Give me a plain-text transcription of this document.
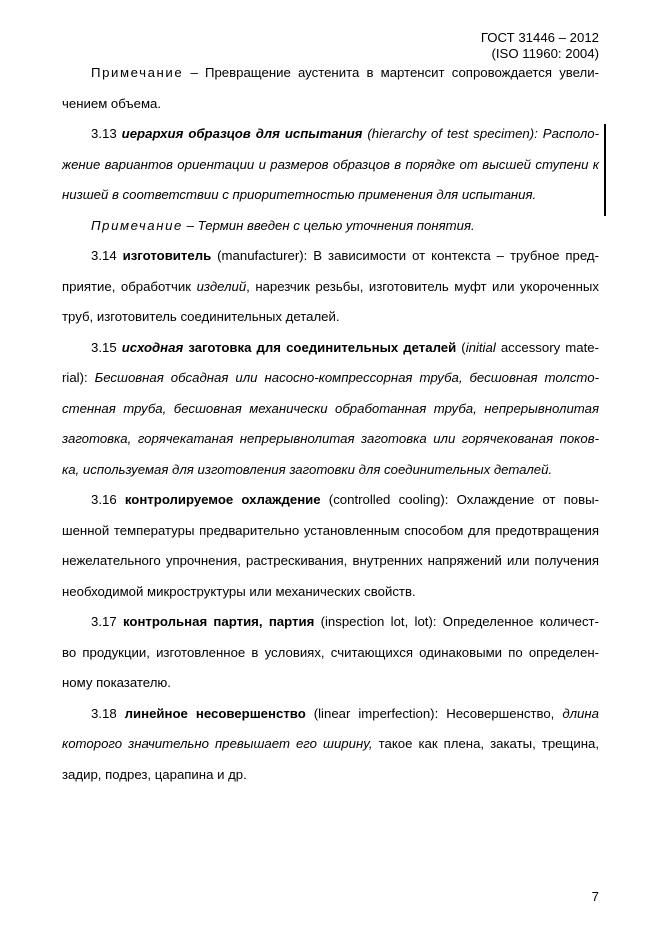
ГОСТ 31446 – 2012
(ISO 11960: 2004)
Примечание – Превращение аустенита в мартенсит сопровождается увели-
чением объема.
3.13 иерархия образцов для испытания (hierarchy of test specimen): Располо-
жение вариантов ориентации и размеров образцов в порядке от высшей ступени к
низшей в соответствии с приоритетностью применения для испытания.
Примечание – Термин введен с целью уточнения понятия.
3.14 изготовитель (manufacturer): В зависимости от контекста – трубное пред-
приятие, обработчик изделий, нарезчик резьбы, изготовитель муфт или укороченных
труб, изготовитель соединительных деталей.
3.15 исходная заготовка для соединительных деталей (initial accessory mate-
rial): Бесшовная обсадная или насосно-компрессорная труба, бесшовная толсто-
стенная труба, бесшовная механически обработанная труба, непрерывнолитая
заготовка, горячекатаная непрерывнолитая заготовка или горячекованая поков-
ка, используемая для изготовления заготовки для соединительных деталей.
3.16 контролируемое охлаждение (controlled cooling): Охлаждение от повы-
шенной температуры предварительно установленным способом для предотвращения
нежелательного упрочнения, растрескивания, внутренних напряжений или получения
необходимой микроструктуры или механических свойств.
3.17 контрольная партия, партия (inspection lot, lot): Определенное количест-
во продукции, изготовленное в условиях, считающихся одинаковыми по определен-
ному показателю.
3.18 линейное несовершенство (linear imperfection): Несовершенство, длина
которого значительно превышает его ширину, такое как плена, закаты, трещина,
задир, подрез, царапина и др.
7
